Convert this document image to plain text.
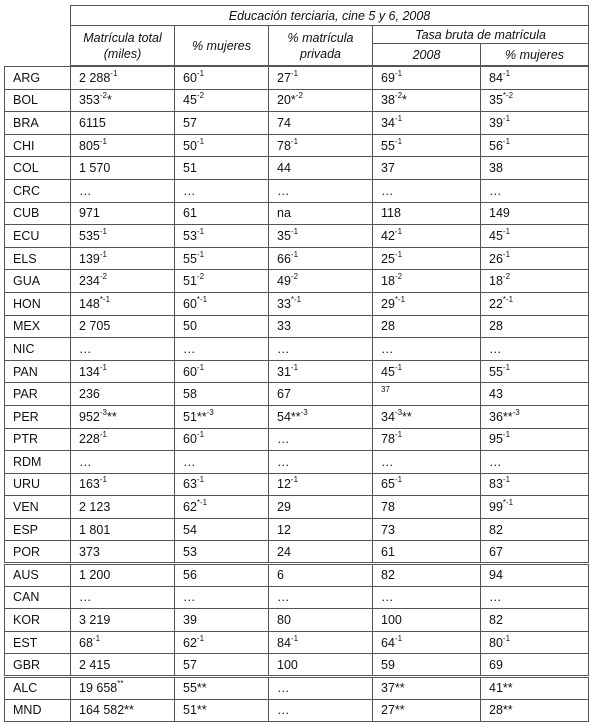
	Educación terciaria, cine 5 y 6, 2008				
	Matrícula total (miles)	% mujeres	% matrícula privada	Tasa bruta de matrícula	
				2008	% mujeres

ARG	2 $288^{-1}$	$60^{-1}$	$27^{-1}$	$69^{-1}$	$84^{-1}$
BOL	$353^{-2}*$	$45^{-2}$	20*$^{-2}$	$38^{-2}*$	$35^{*-2}$
BRA	6115	57	74	$34^{-1}$	$39^{-1}$
CHI	$805^{-1}$	$50^{-1}$	$78^{-1}$	$55^{-1}$	$56^{-1}$
COL	1 570	51	44	37	38
CRC	…	…	…	…	…
CUB	971	61	na	118	149
ECU	$535^{-1}$	$53^{-1}$	$35^{-1}$	$42^{-1}$	$45^{-1}$
ELS	$139^{-1}$	$55^{-1}$	$66^{-1}$	$25^{-1}$	$26^{-1}$
GUA	$234^{-2}$	$51^{-2}$	$49^{-2}$	$18^{-2}$	$18^{-2}$
HON	$148^{*-1}$	$60^{*-1}$	$33^{*-1}$	$29^{*-1}$	$22^{*-1}$
MEX	2 705	50	33	28	28
NIC	…	…	…	…	…
PAN	$134^{-1}$	$60^{-1}$	$31^{-1}$	$45^{-1}$	$55^{-1}$
PAR	236	58	67	$^{37}$	43
PER	$952^{-3}**$	51**$^{-3}$	54**$^{-3}$	$34^{-3}**$	36**$^{-3}$
PTR	$228^{-1}$	$60^{-1}$	…	$78^{-1}$	$95^{-1}$
RDM	…	…	…	…	…
URU	$163^{-1}$	$63^{-1}$	$12^{-1}$	$65^{-1}$	$83^{-1}$
VEN	2 123	$62^{*-1}$	29	78	$99^{*-1}$
ESP	1 801	54	12	73	82
POR	373	53	24	61	67
AUS	1 200	56	6	82	94
CAN	…	…	…	…	…
KOR	3 219	39	80	100	82
EST	$68^{-1}$	$62^{-1}$	$84^{-1}$	$64^{-1}$	$80^{-1}$
GBR	2 415	57	100	59	69
ALC	19 658**	55**	…	37**	41**
MND	164 582**	51**	…	27**	28**
